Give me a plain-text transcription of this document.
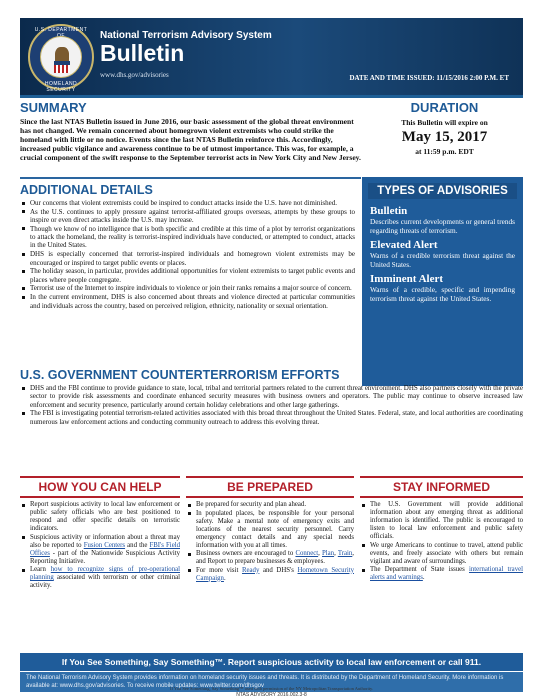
U.S. DEPARTMENT
HOMELAND SECURITY
National Terrorism Advisory System
Bulletin
www.dhs.gov/advisories	DATE AND TIME ISSUED: 11/15/2016 2:00 P.M. ET
SUMMARY

Since the last NTAS Bulletin issued in June 2016, our basic assessment of the global threat environment has not changed. We remain concerned about homegrown violent extremists who could strike the homeland with little or no notice. Events since the last NTAS Bulletin reinforce this. Accordingly, increased public vigilance and awareness continue to be of utmost importance. This was, for example, a crucial component of the swift response to the September terrorist acts in New York City and New Jersey.

DURATION
This Bulletin will expire on
May 15, 2017
at 11:59 p.m. EDT
ADDITIONAL DETAILS
Our concerns that violent extremists could be inspired to conduct attacks inside the U.S. have not diminished.
As the U.S. continues to apply pressure against terrorist-affiliated groups overseas, attempts by these groups to inspire or even direct attacks inside the U.S. may increase.
Though we know of no intelligence that is both specific and credible at this time of a plot by terrorist organizations to attack the homeland, the reality is terrorist-inspired individuals have conducted, or attempted to conduct, attacks in the United States.
DHS is especially concerned that terrorist-inspired individuals and homegrown violent extremists may be encouraged or inspired to target public events or places.
The holiday season, in particular, provides additional opportunities for violent extremists to target public events and places where people congregate.
Terrorist use of the Internet to inspire individuals to violence or join their ranks remains a major source of concern.
In the current environment, DHS is also concerned about threats and violence directed at particular communities and individuals across the country, based on perceived religion, ethnicity, nationality or sexual orientation.
TYPES OF ADVISORIES
Bulletin

Describes current developments or general trends regarding threats of terrorism.

Elevated Alert

Warns of a credible terrorism threat against the United States.

Imminent Alert

Warns of a credible, specific and impending terrorism threat against the United States.

U.S. GOVERNMENT COUNTERTERRORISM EFFORTS
DHS and the FBI continue to provide guidance to state, local, tribal and territorial partners related to the current threat environment. DHS also partners closely with the private sector to provide risk assessments and coordinate enhanced security measures with business owners and operators. The public may continue to observe increased law enforcement and security presence, particularly around certain holiday celebrations and other large gatherings.
The FBI is investigating potential terrorism-related activities associated with this broad threat throughout the United States. Federal, state, and local authorities are coordinating numerous law enforcement actions and conducting community outreach to address this evolving threat.
HOW YOU CAN HELP
Report suspicious activity to local law enforcement or public safety officials who are best positioned to respond and offer specific details on terroristic indicators.
Suspicious activity or information about a threat may also be reported to Fusion Centers and the FBI's Field Offices - part of the Nationwide Suspicious Activity Reporting Initiative.
Learn how to recognize signs of pre-operational planning associated with terrorism or other criminal activity.
BE PREPARED
Be prepared for security and plan ahead.
In populated places, be responsible for your personal safety. Make a mental note of emergency exits and locations of the nearest security personnel. Carry emergency contact details and any special needs information with you at all times.
Business owners are encouraged to Connect, Plan, Train, and Report to prepare businesses & employees.
For more visit Ready and DHS's Hometown Security Campaign.
STAY INFORMED
The U.S. Government will provide additional information about any emerging threat as additional information is identified. The public is encouraged to listen to local law enforcement and public safety officials.
We urge Americans to continue to travel, attend public events, and freely associate with others but remain vigilant and aware of surroundings.
The Department of State issues international travel alerts and warnings.
If You See Something, Say Something™. Report suspicious activity to local law enforcement or call 911.
The National Terrorism Advisory System provides information on homeland security issues and threats. It is distributed by the Department of Homeland Security. More information is available at: www.dhs.gov/advisories. To receive mobile updates: www.twitter.com/dhsgov
If You See Something, Say Something™ used with permission of the NY Metropolitan Transportation Authority.
NTAS ADVISORY 2016.002.3-8
